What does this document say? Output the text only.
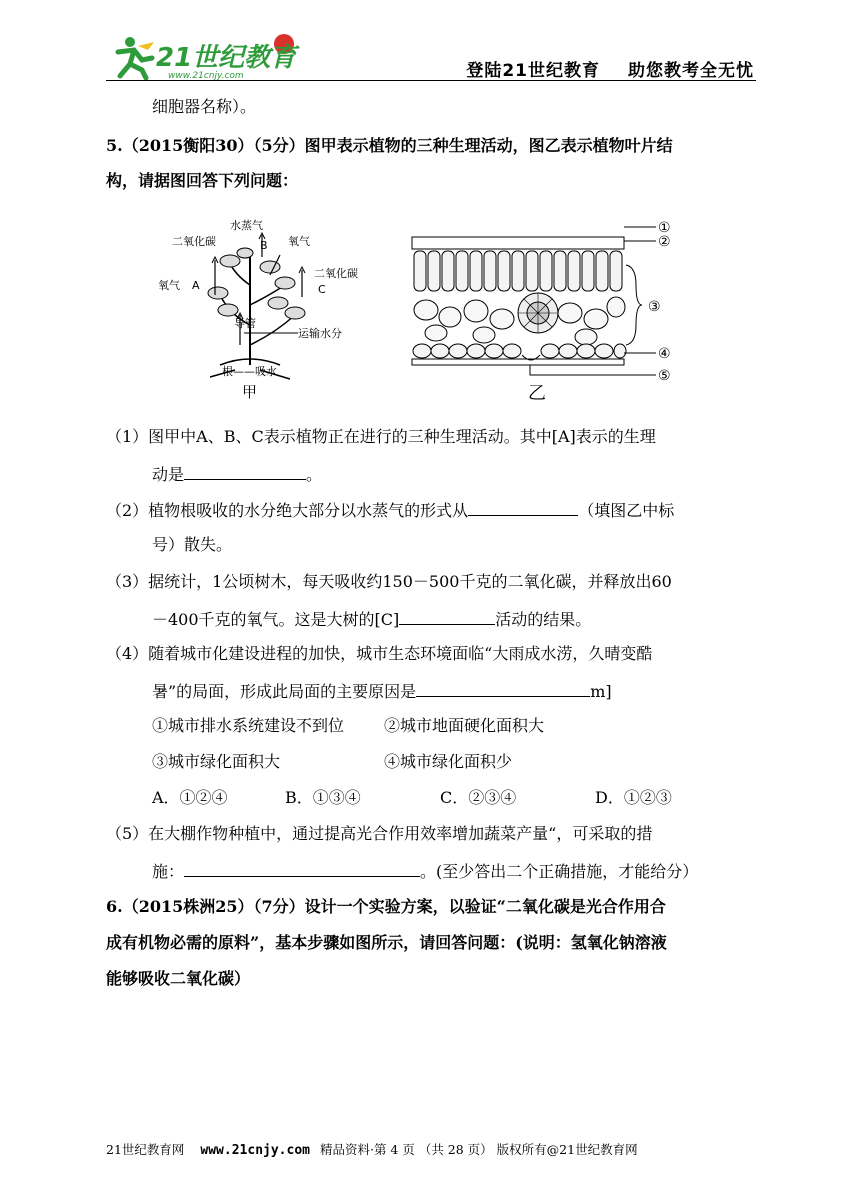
21世纪教育
www.21cnjy.com	登陆21世纪教育 助您教考全无忧
细胞器名称）。
5.（2015衡阳30）（5分）图甲表示植物的三种生理活动，图乙表示植物叶片结
构，请据图回答下列问题：
水蒸气
二氧化碳	氧气
氧气
二氧化碳
A
B
C
导管
运输水分
根——吸水
甲
①
②
③
④
⑤
乙
（1）图甲中A、B、C表示植物正在进行的三种生理活动。其中[A]表示的生理
动是	。
（2）植物根吸收的水分绝大部分以水蒸气的形式从	（填图乙中标
号）散失。
（3）据统计，1公顷树木，每天吸收约150－500千克的二氧化碳，并释放出60
－400千克的氧气。这是大树的[C]	活动的结果。
（4）随着城市化建设进程的加快，城市生态环境面临“大雨成水涝，久晴变酷
暑”的局面，形成此局面的主要原因是	m]
①城市排水系统建设不到位 ②城市地面硬化面积大
③城市绿化面积大	④城市绿化面积少
A．①②④	B．①③④	C．②③④	D．①②③
（5）在大棚作物种植中，通过提高光合作用效率增加蔬菜产量“，可采取的措
施：	。(至少答出二个正确措施，才能给分）
6.（2015株洲25）（7分）设计一个实验方案，以验证“二氧化碳是光合作用合
成有机物必需的原料”，基本步骤如图所示，请回答问题：(说明：氢氧化钠溶液
能够吸收二氧化碳）
21世纪教育网 www.21cnjy.com 精品资料·第 4 页 （共 28 页） 版权所有@21世纪教育网
